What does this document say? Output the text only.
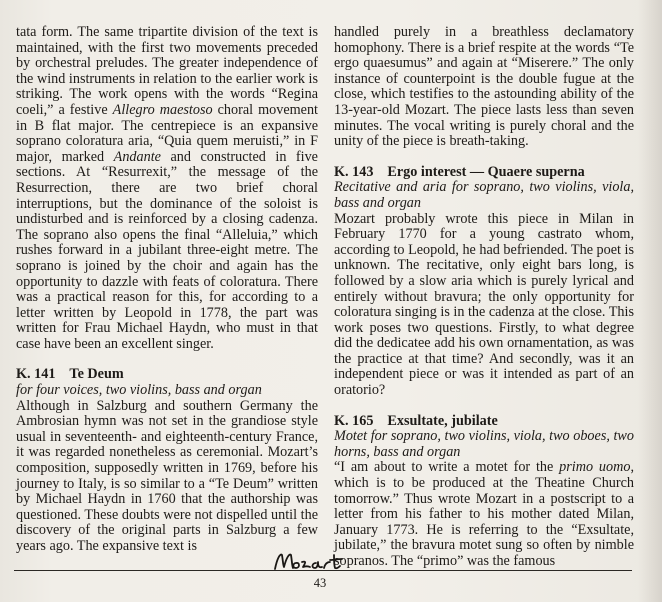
tata form. The same tripartite division of the text is maintained, with the first two movements preceded by orchestral preludes. The greater independence of the wind instruments in relation to the earlier work is striking. The work opens with the words “Regina coeli,” a festive Allegro maestoso choral movement in B flat major. The centrepiece is an expansive soprano coloratura aria, “Quia quem meruisti,” in F major, marked Andante and constructed in five sections. At “Resurrexit,” the message of the Resurrection, there are two brief choral interruptions, but the dominance of the soloist is undisturbed and is reinforced by a closing cadenza. The soprano also opens the final “Alleluia,” which rushes forward in a jubilant three-eight metre. The soprano is joined by the choir and again has the opportunity to dazzle with feats of coloratura. There was a practical reason for this, for according to a letter written by Leopold in 1778, the part was written for Frau Michael Haydn, who must in that case have been an excellent singer.

K. 141 Te Deum
for four voices, two violins, bass and organ

Although in Salzburg and southern Germany the Ambrosian hymn was not set in the grandiose style usual in seventeenth- and eighteenth-century France, it was regarded nonetheless as ceremonial. Mozart’s composition, supposedly written in 1769, before his journey to Italy, is so similar to a “Te Deum” written by Michael Haydn in 1760 that the authorship was questioned. These doubts were not dispelled until the discovery of the original parts in Salzburg a few years ago. The expansive text is

handled purely in a breathless declamatory homophony. There is a brief respite at the words “Te ergo quaesumus” and again at “Miserere.” The only instance of counterpoint is the double fugue at the close, which testifies to the astounding ability of the 13-year-old Mozart. The piece lasts less than seven minutes. The vocal writing is purely choral and the unity of the piece is breath-taking.

K. 143 Ergo interest — Quaere superna
Recitative and aria for soprano, two violins, viola, bass and organ

Mozart probably wrote this piece in Milan in February 1770 for a young castrato whom, according to Leopold, he had befriended. The poet is unknown. The recitative, only eight bars long, is followed by a slow aria which is purely lyrical and entirely without bravura; the only opportunity for coloratura singing is in the cadenza at the close. This work poses two questions. Firstly, to what degree did the dedicatee add his own ornamentation, as was the practice at that time? And secondly, was it an independent piece or was it intended as part of an oratorio?

K. 165 Exsultate, jubilate
Motet for soprano, two violins, viola, two oboes, two horns, bass and organ

“I am about to write a motet for the primo uomo, which is to be produced at the Theatine Church tomorrow.” Thus wrote Mozart in a postscript to a letter from his father to his mother dated Milan, January 1773. He is referring to the “Exsultate, jubilate,” the bravura motet sung so often by nimble sopranos. The “primo” was the famous

43
